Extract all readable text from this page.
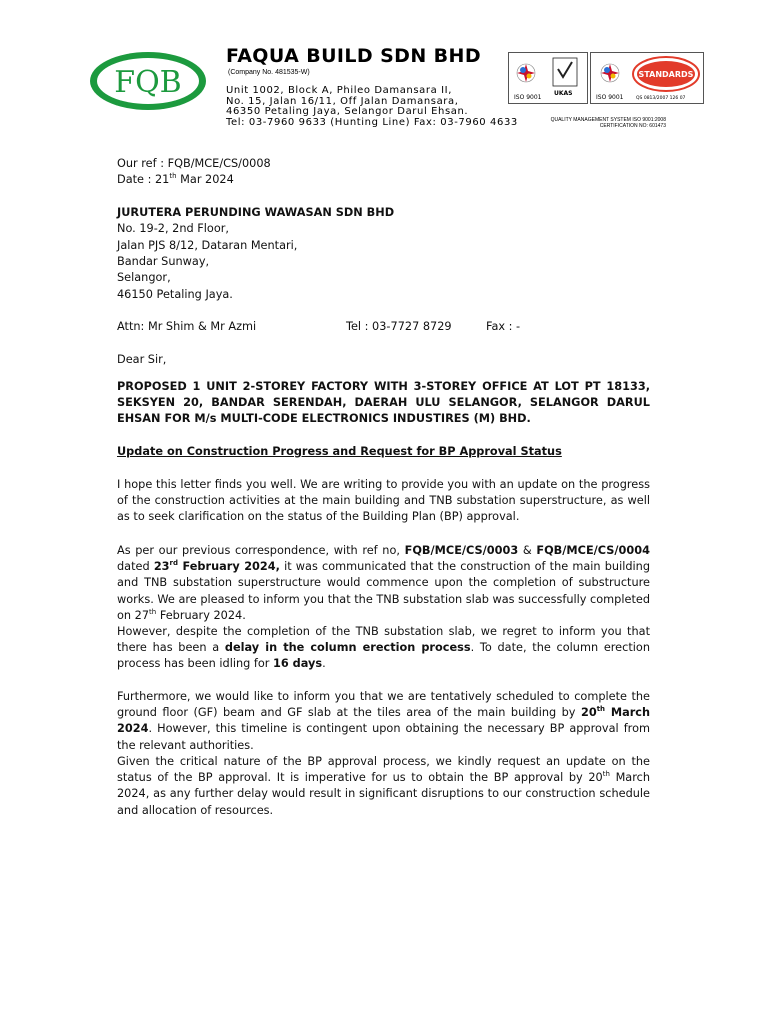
FQB
FAQUA BUILD SDN BHD
(Company No. 481535-W)
Unit 1002, Block A, Phileo Damansara II,
No. 15, Jalan 16/11, Off Jalan Damansara,
46350 Petaling Jaya, Selangor Darul Ehsan.
Tel: 03-7960 9633 (Hunting Line) Fax: 03-7960 4633
ISO 9001
UKAS
ISO 9001
STANDARDS
QS 0813/2007 126 07
QUALITY MANAGEMENT SYSTEM ISO 9001:2008
CERTIFICATION NO: 601473
Our ref : FQB/MCE/CS/0008
Date : 21th Mar 2024
JURUTERA PERUNDING WAWASAN SDN BHD
No. 19-2, 2nd Floor,
Jalan PJS 8/12, Dataran Mentari,
Bandar Sunway,
Selangor,
46150 Petaling Jaya.
Attn: Mr Shim & Mr Azmi	Tel : 03-7727 8729	Fax : -
Dear Sir,
PROPOSED 1 UNIT 2-STOREY FACTORY WITH 3-STOREY OFFICE AT LOT PT 18133, SEKSYEN 20, BANDAR SERENDAH, DAERAH ULU SELANGOR, SELANGOR DARUL EHSAN FOR M/s MULTI-CODE ELECTRONICS INDUSTIRES (M) BHD.
Update on Construction Progress and Request for BP Approval Status
I hope this letter finds you well. We are writing to provide you with an update on the progress of the construction activities at the main building and TNB substation superstructure, as well as to seek clarification on the status of the Building Plan (BP) approval.
As per our previous correspondence, with ref no, FQB/MCE/CS/0003 & FQB/MCE/CS/0004 dated 23rd February 2024, it was communicated that the construction of the main building and TNB substation superstructure would commence upon the completion of substructure works. We are pleased to inform you that the TNB substation slab was successfully completed on 27th February 2024.
However, despite the completion of the TNB substation slab, we regret to inform you that there has been a delay in the column erection process. To date, the column erection process has been idling for 16 days.
Furthermore, we would like to inform you that we are tentatively scheduled to complete the ground floor (GF) beam and GF slab at the tiles area of the main building by 20th March 2024. However, this timeline is contingent upon obtaining the necessary BP approval from the relevant authorities.
Given the critical nature of the BP approval process, we kindly request an update on the status of the BP approval. It is imperative for us to obtain the BP approval by 20th March 2024, as any further delay would result in significant disruptions to our construction schedule and allocation of resources.
